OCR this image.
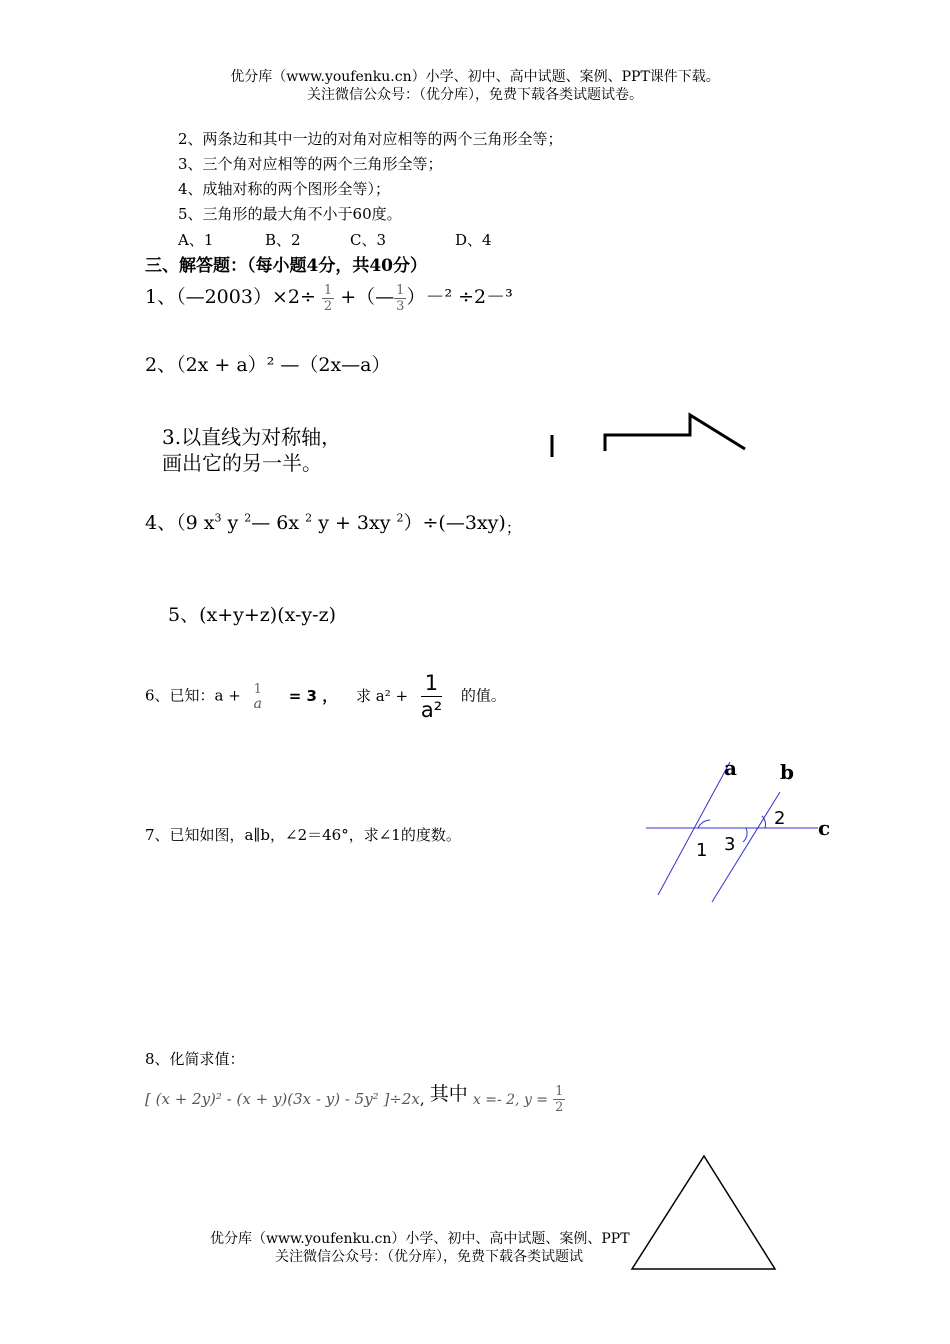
优分库（www.youfenku.cn）小学、初中、高中试题、案例、PPT课件下载。
关注微信公众号：（优分库），免费下载各类试题试卷。
2、两条边和其中一边的对角对应相等的两个三角形全等；
3、三个角对应相等的两个三角形全等；
4、成轴对称的两个图形全等）；
5、三角形的最大角不小于60度。
A、1	B、2	C、3	D、4
三、解答题：（每小题4分，共40分）
1、（—2003）×2÷ $\frac{1}{2}$ +（— $\frac{1}{3} )-^2 \div 2-^3$
2、（2x + a）² —（2x—a）
3.以直线为对称轴，
画出它的另一半。
4、（9 $x^3$ y $^2$— 6x $^2$ y + 3xy $^2)\div(—3xy)_;$
5、(x+y+z)(x-y-z)
6、已知：a + 1
a = 3 ， 求 $a^2 + \frac{1}{\text{a²}}$ 的值。
7、已知如图，a∥b，∠2＝46°，求∠1的度数。
a b
c
1
2
3
8、化简求值：
[ (x + 2y)² - (x + y)(3x - y) - 5y² ]÷2x, 其中 x =- 2, $y = \frac{1}{2}$
优分库（www.youfenku.cn）小学、初中、高中试题、案例、PPT
关注微信公众号：（优分库），免费下载各类试题试
